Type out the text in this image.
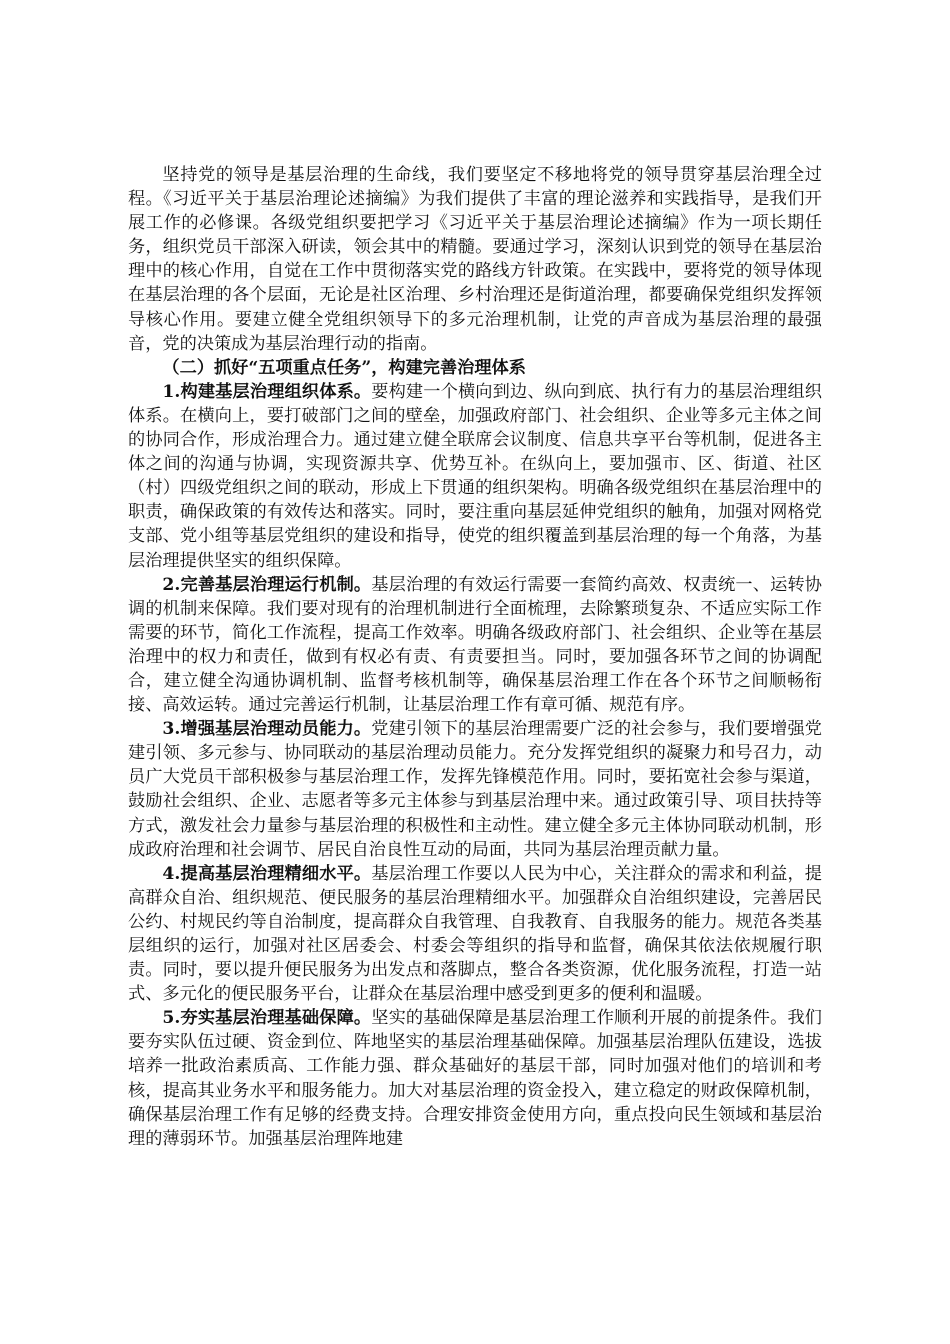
坚持党的领导是基层治理的生命线，我们要坚定不移地将党的领导贯穿基层治理全过程。《习近平关于基层治理论述摘编》为我们提供了丰富的理论滋养和实践指导，是我们开展工作的必修课。各级党组织要把学习《习近平关于基层治理论述摘编》作为一项长期任务，组织党员干部深入研读，领会其中的精髓。要通过学习，深刻认识到党的领导在基层治理中的核心作用，自觉在工作中贯彻落实党的路线方针政策。在实践中，要将党的领导体现在基层治理的各个层面，无论是社区治理、乡村治理还是街道治理，都要确保党组织发挥领导核心作用。要建立健全党组织领导下的多元治理机制，让党的声音成为基层治理的最强音，党的决策成为基层治理行动的指南。

（二）抓好“五项重点任务”，构建完善治理体系

1.构建基层治理组织体系。要构建一个横向到边、纵向到底、执行有力的基层治理组织体系。在横向上，要打破部门之间的壁垒，加强政府部门、社会组织、企业等多元主体之间的协同合作，形成治理合力。通过建立健全联席会议制度、信息共享平台等机制，促进各主体之间的沟通与协调，实现资源共享、优势互补。在纵向上，要加强市、区、街道、社区（村）四级党组织之间的联动，形成上下贯通的组织架构。明确各级党组织在基层治理中的职责，确保政策的有效传达和落实。同时，要注重向基层延伸党组织的触角，加强对网格党支部、党小组等基层党组织的建设和指导，使党的组织覆盖到基层治理的每一个角落，为基层治理提供坚实的组织保障。

2.完善基层治理运行机制。基层治理的有效运行需要一套简约高效、权责统一、运转协调的机制来保障。我们要对现有的治理机制进行全面梳理，去除繁琐复杂、不适应实际工作需要的环节，简化工作流程，提高工作效率。明确各级政府部门、社会组织、企业等在基层治理中的权力和责任，做到有权必有责、有责要担当。同时，要加强各环节之间的协调配合，建立健全沟通协调机制、监督考核机制等，确保基层治理工作在各个环节之间顺畅衔接、高效运转。通过完善运行机制，让基层治理工作有章可循、规范有序。

3.增强基层治理动员能力。党建引领下的基层治理需要广泛的社会参与，我们要增强党建引领、多元参与、协同联动的基层治理动员能力。充分发挥党组织的凝聚力和号召力，动员广大党员干部积极参与基层治理工作，发挥先锋模范作用。同时，要拓宽社会参与渠道，鼓励社会组织、企业、志愿者等多元主体参与到基层治理中来。通过政策引导、项目扶持等方式，激发社会力量参与基层治理的积极性和主动性。建立健全多元主体协同联动机制，形成政府治理和社会调节、居民自治良性互动的局面，共同为基层治理贡献力量。

4.提高基层治理精细水平。基层治理工作要以人民为中心，关注群众的需求和利益，提高群众自治、组织规范、便民服务的基层治理精细水平。加强群众自治组织建设，完善居民公约、村规民约等自治制度，提高群众自我管理、自我教育、自我服务的能力。规范各类基层组织的运行，加强对社区居委会、村委会等组织的指导和监督，确保其依法依规履行职责。同时，要以提升便民服务为出发点和落脚点，整合各类资源，优化服务流程，打造一站式、多元化的便民服务平台，让群众在基层治理中感受到更多的便利和温暖。

5.夯实基层治理基础保障。坚实的基础保障是基层治理工作顺利开展的前提条件。我们要夯实队伍过硬、资金到位、阵地坚实的基层治理基础保障。加强基层治理队伍建设，选拔培养一批政治素质高、工作能力强、群众基础好的基层干部，同时加强对他们的培训和考核，提高其业务水平和服务能力。加大对基层治理的资金投入，建立稳定的财政保障机制，确保基层治理工作有足够的经费支持。合理安排资金使用方向，重点投向民生领域和基层治理的薄弱环节。加强基层治理阵地建
